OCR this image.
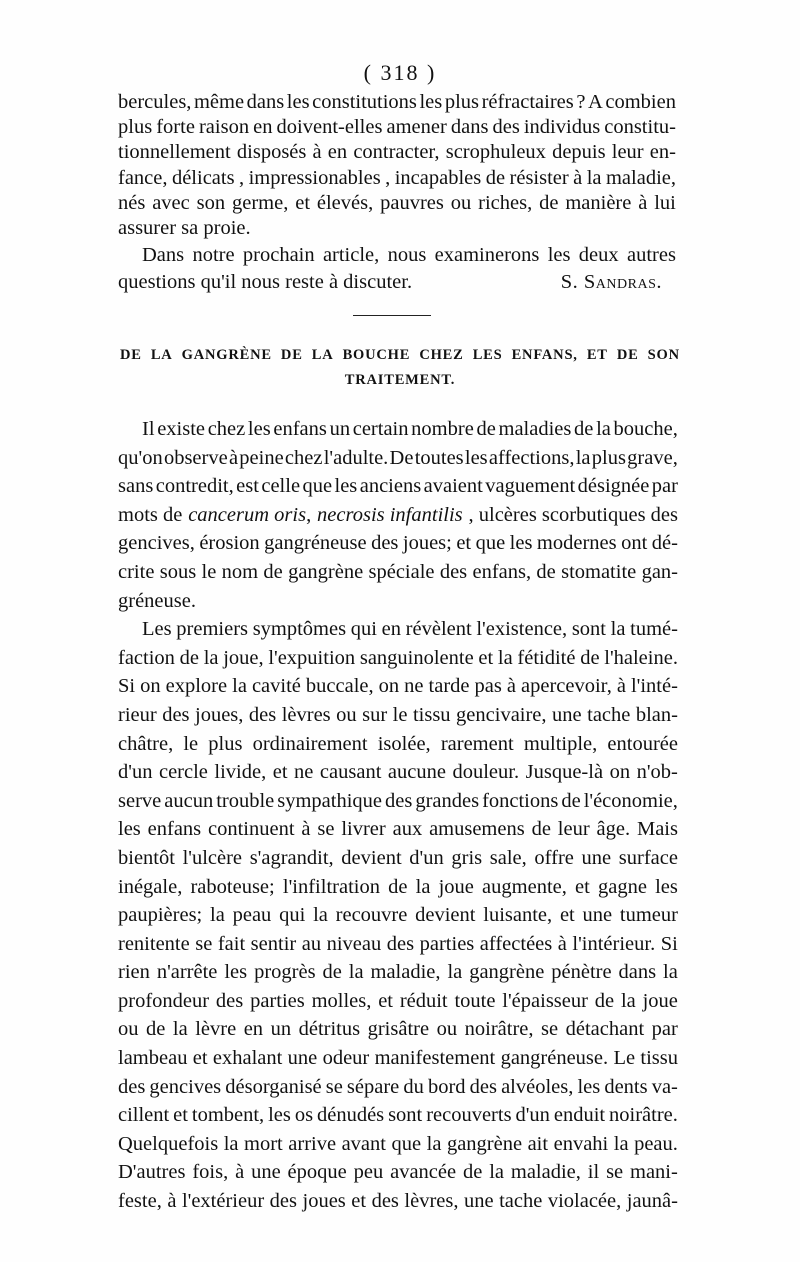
( 318 )
bercules, même dans les constitutions les plus réfractaires ? A combien
plus forte raison en doivent-elles amener dans des individus constitu-
tionnellement disposés à en contracter, scrophuleux depuis leur en-
fance, délicats , impressionables , incapables de résister à la maladie,
nés avec son germe, et élevés, pauvres ou riches, de manière à lui
assurer sa proie.
Dans notre prochain article, nous examinerons les deux autres
questions qu'il nous reste à discuter.	S. Sandras.
DE LA GANGRÈNE DE LA BOUCHE CHEZ LES ENFANS, ET DE SON
TRAITEMENT.
Il existe chez les enfans un certain nombre de maladies de la bouche,
qu'on observe à peine chez l'adulte. De toutes les affections, la plus grave,
sans contredit, est celle que les anciens avaient vaguement désignée par
mots de cancerum oris, necrosis infantilis , ulcères scorbutiques des
gencives, érosion gangréneuse des joues; et que les modernes ont dé-
crite sous le nom de gangrène spéciale des enfans, de stomatite gan-
gréneuse.
Les premiers symptômes qui en révèlent l'existence, sont la tumé-
faction de la joue, l'expuition sanguinolente et la fétidité de l'haleine.
Si on explore la cavité buccale, on ne tarde pas à apercevoir, à l'inté-
rieur des joues, des lèvres ou sur le tissu gencivaire, une tache blan-
châtre, le plus ordinairement isolée, rarement multiple, entourée
d'un cercle livide, et ne causant aucune douleur. Jusque-là on n'ob-
serve aucun trouble sympathique des grandes fonctions de l'économie,
les enfans continuent à se livrer aux amusemens de leur âge. Mais
bientôt l'ulcère s'agrandit, devient d'un gris sale, offre une surface
inégale, raboteuse; l'infiltration de la joue augmente, et gagne les
paupières; la peau qui la recouvre devient luisante, et une tumeur
renitente se fait sentir au niveau des parties affectées à l'intérieur. Si
rien n'arrête les progrès de la maladie, la gangrène pénètre dans la
profondeur des parties molles, et réduit toute l'épaisseur de la joue
ou de la lèvre en un détritus grisâtre ou noirâtre, se détachant par
lambeau et exhalant une odeur manifestement gangréneuse. Le tissu
des gencives désorganisé se sépare du bord des alvéoles, les dents va-
cillent et tombent, les os dénudés sont recouverts d'un enduit noirâtre.
Quelquefois la mort arrive avant que la gangrène ait envahi la peau.
D'autres fois, à une époque peu avancée de la maladie, il se mani-
feste, à l'extérieur des joues et des lèvres, une tache violacée, jaunâ-
